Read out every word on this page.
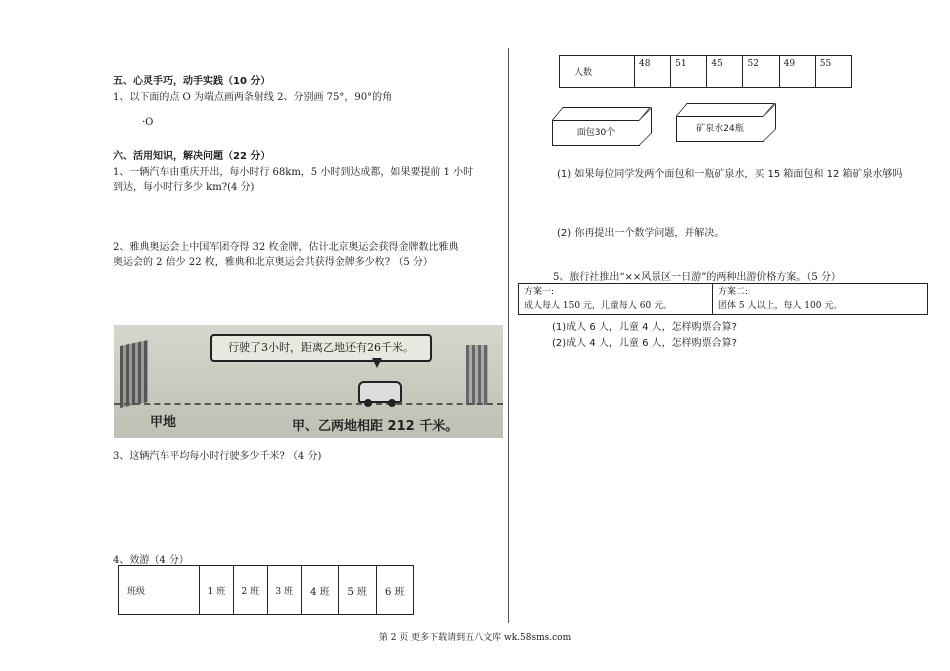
五、心灵手巧，动手实践（10 分）
1、以下面的点 O 为端点画两条射线 2、分别画 75°，90°的角
·O
六、活用知识，解决问题（22 分）
1、一辆汽车由重庆开出，每小时行 68km，5 小时到达成都，如果要提前 1 小时
到达，每小时行多少 km?(4 分)
2、雅典奥运会上中国军团夺得 32 枚金牌，估计北京奥运会获得金牌数比雅典
奥运会的 2 倍少 22 枚，雅典和北京奥运会共获得金牌多少枚? （5 分）
行驶了3小时，距离乙地还有26千米。
甲地	甲、乙两地相距 212 千米。
3、这辆汽车平均每小时行驶多少千米? （4 分)
4、效游（4 分）
班级	1 班	2 班	3 班	4 班	5 班	6 班
人数	48	51	45	52	49	55
面包30个	矿泉水24瓶
(1) 如果每位同学发两个面包和一瓶矿泉水，买 15 箱面包和 12 箱矿泉水够吗
(2) 你再提出一个数学问题，并解决。
5、旅行社推出“××风景区一日游”的两种出游价格方案。（5 分）
方案一:
成人每人 150 元，儿童每人 60 元。

方案二:
团体 5 人以上，每人 100 元。
(1)成人 6 人，儿童 4 人，怎样购票合算?
(2)成人 4 人，儿童 6 人，怎样购票合算?
第 2 页 更多下载请到五八文库 wk.58sms.com
